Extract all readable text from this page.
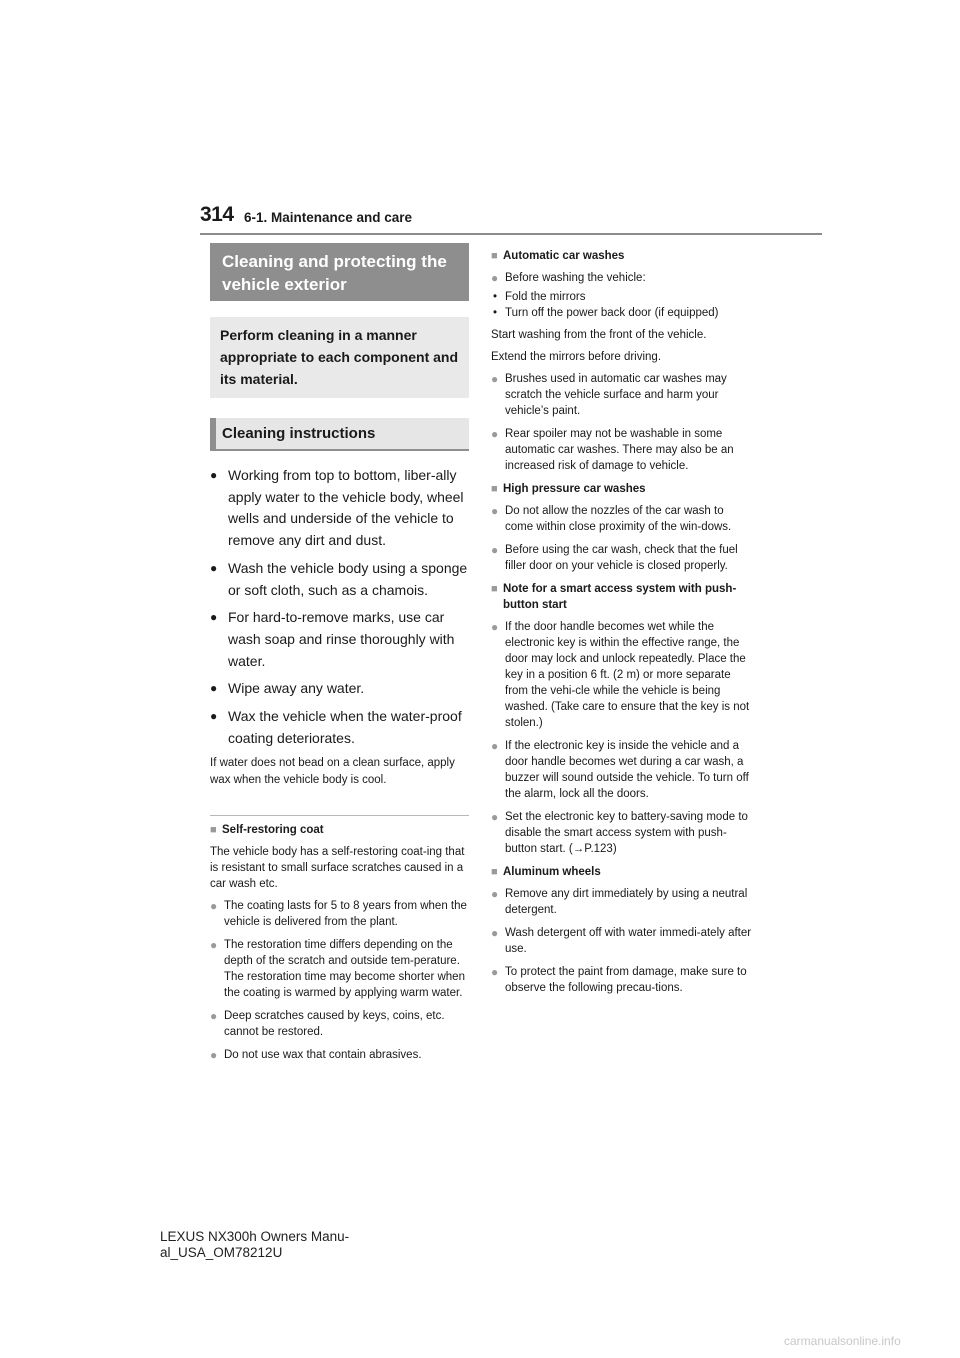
314 6-1. Maintenance and care
Cleaning and protecting the vehicle exterior
Perform cleaning in a manner appropriate to each component and its material.
Cleaning instructions
● Working from top to bottom, liber-ally apply water to the vehicle body, wheel wells and underside of the vehicle to remove any dirt and dust.
● Wash the vehicle body using a sponge or soft cloth, such as a chamois.
● For hard-to-remove marks, use car wash soap and rinse thoroughly with water.
● Wipe away any water.
● Wax the vehicle when the water-proof coating deteriorates.
If water does not bead on a clean surface, apply wax when the vehicle body is cool.
■ Self-restoring coat

The vehicle body has a self-restoring coat-ing that is resistant to small surface scratches caused in a car wash etc.

● The coating lasts for 5 to 8 years from when the vehicle is delivered from the plant.
● The restoration time differs depending on the depth of the scratch and outside tem-perature. The restoration time may become shorter when the coating is warmed by applying warm water.
● Deep scratches caused by keys, coins, etc. cannot be restored.
● Do not use wax that contain abrasives.
■ Automatic car washes
● Before washing the vehicle:
• Fold the mirrors
• Turn off the power back door (if equipped)

Start washing from the front of the vehicle.

Extend the mirrors before driving.

● Brushes used in automatic car washes may scratch the vehicle surface and harm your vehicle’s paint.
● Rear spoiler may not be washable in some automatic car washes. There may also be an increased risk of damage to vehicle.
■ High pressure car washes
● Do not allow the nozzles of the car wash to come within close proximity of the win-dows.
● Before using the car wash, check that the fuel filler door on your vehicle is closed properly.
■ Note for a smart access system with push-button start
● If the door handle becomes wet while the electronic key is within the effective range, the door may lock and unlock repeatedly. Place the key in a position 6 ft. (2 m) or more separate from the vehi-cle while the vehicle is being washed. (Take care to ensure that the key is not stolen.)
● If the electronic key is inside the vehicle and a door handle becomes wet during a car wash, a buzzer will sound outside the vehicle. To turn off the alarm, lock all the doors.
● Set the electronic key to battery-saving mode to disable the smart access system with push-button start. (→P.123)
■ Aluminum wheels
● Remove any dirt immediately by using a neutral detergent.
● Wash detergent off with water immedi-ately after use.
● To protect the paint from damage, make sure to observe the following precau-tions.
LEXUS NX300h Owners Manu-al_USA_OM78212U
carmanualsonline.info
